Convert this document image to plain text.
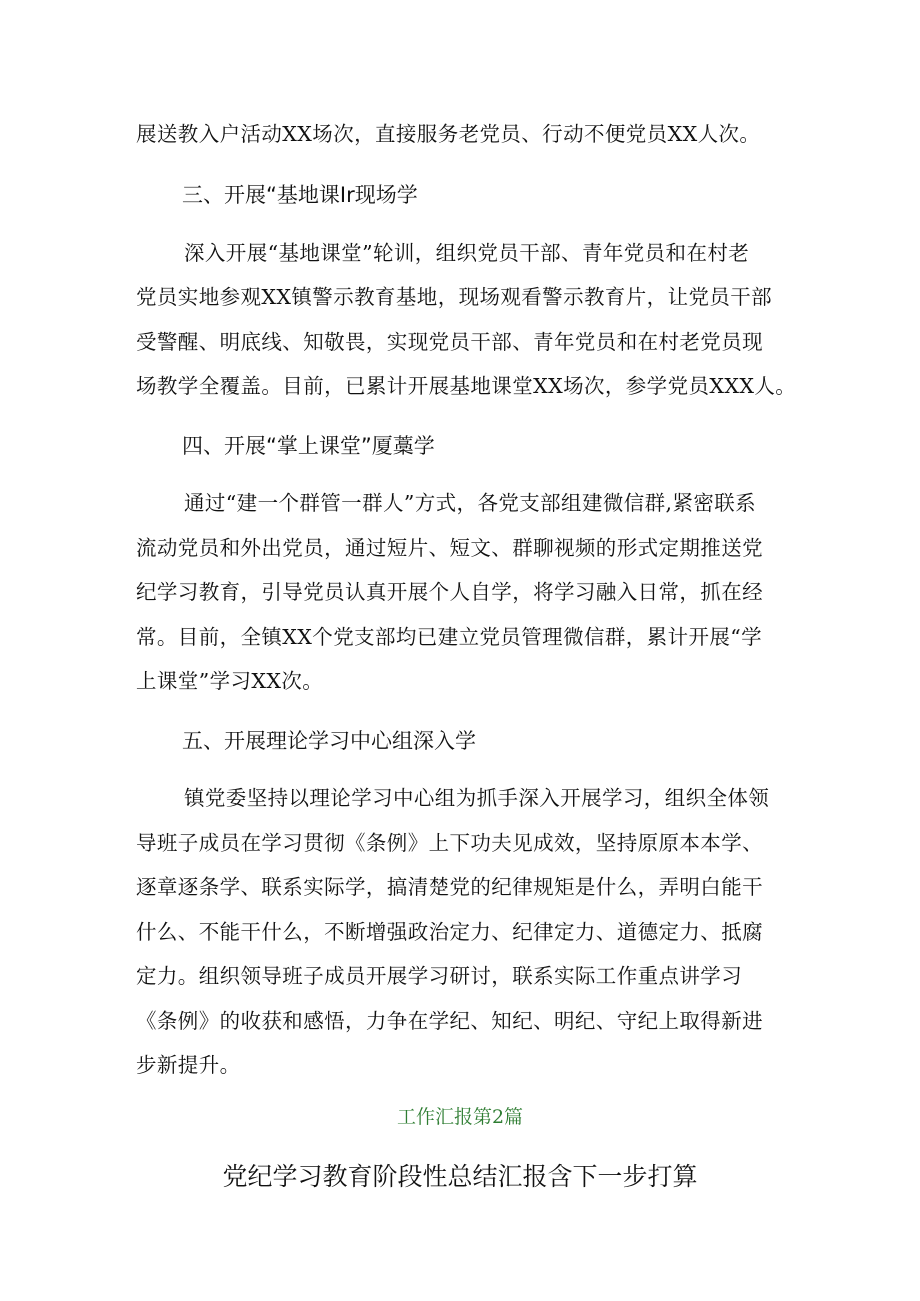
展送教入户活动XX场次，直接服务老党员、行动不便党员XX人次。
三、开展“基地课Ir现场学
深入开展“基地课堂”轮训，组织党员干部、青年党员和在村老
党员实地参观XX镇警示教育基地，现场观看警示教育片，让党员干部
受警醒、明底线、知敬畏，实现党员干部、青年党员和在村老党员现
场教学全覆盖。目前，已累计开展基地课堂XX场次，参学党员XXX人。
四、开展“掌上课堂”厦藁学
通过“建一个群管一群人”方式，各党支部组建微信群,紧密联系
流动党员和外出党员，通过短片、短文、群聊视频的形式定期推送党
纪学习教育，引导党员认真开展个人自学，将学习融入日常，抓在经
常。目前，全镇XX个党支部均已建立党员管理微信群，累计开展“学
上课堂”学习XX次。
五、开展理论学习中心组深入学
镇党委坚持以理论学习中心组为抓手深入开展学习，组织全体领
导班子成员在学习贯彻《条例》上下功夫见成效，坚持原原本本学、
逐章逐条学、联系实际学，搞清楚党的纪律规矩是什么，弄明白能干
什么、不能干什么，不断增强政治定力、纪律定力、道德定力、抵腐
定力。组织领导班子成员开展学习研讨，联系实际工作重点讲学习
《条例》的收获和感悟，力争在学纪、知纪、明纪、守纪上取得新进
步新提升。
工作汇报第2篇
党纪学习教育阶段性总结汇报含下一步打算
